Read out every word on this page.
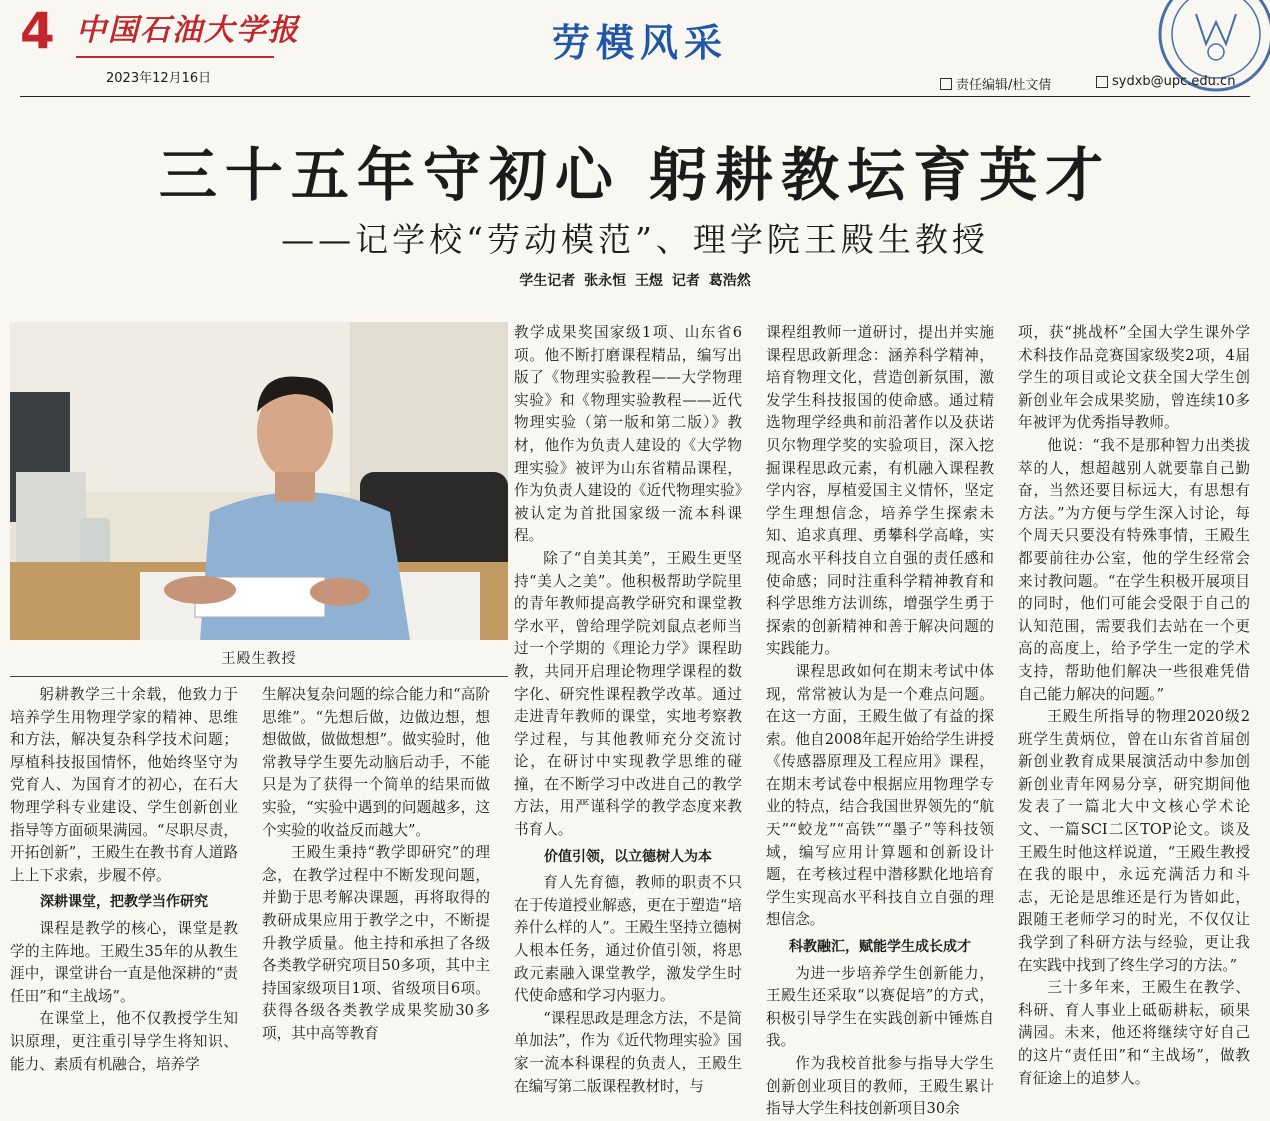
4 中国石油大学报
2023年12月16日
劳模风采
责任编辑/杜文倩	sydxb@upc.edu.cn
三十五年守初心 躬耕教坛育英才
——记学校“劳动模范”、理学院王殿生教授
学生记者 张永恒 王煜 记者 葛浩然
王殿生教授

躬耕教学三十余载，他致力于培养学生用物理学家的精神、思维和方法，解决复杂科学技术问题；厚植科技报国情怀，他始终坚守为党育人、为国育才的初心，在石大物理学科专业建设、学生创新创业指导等方面硕果满园。“尽职尽责，开拓创新”，王殿生在教书育人道路上上下求索，步履不停。

深耕课堂，把教学当作研究

课程是教学的核心，课堂是教学的主阵地。王殿生35年的从教生涯中，课堂讲台一直是他深耕的“责任田”和“主战场”。

在课堂上，他不仅教授学生知识原理，更注重引导学生将知识、能力、素质有机融合，培养学

生解决复杂问题的综合能力和“高阶思维”。“先想后做，边做边想，想想做做，做做想想”。做实验时，他常教导学生要先动脑后动手，不能只是为了获得一个简单的结果而做实验，“实验中遇到的问题越多，这个实验的收益反而越大”。

王殿生秉持“教学即研究”的理念，在教学过程中不断发现问题，并勤于思考解决课题，再将取得的教研成果应用于教学之中，不断提升教学质量。他主持和承担了各级各类教学研究项目50多项，其中主持国家级项目1项、省级项目6项。获得各级各类教学成果奖励30多项，其中高等教育

教学成果奖国家级1项、山东省6项。他不断打磨课程精品，编写出版了《物理实验教程——大学物理实验》和《物理实验教程——近代物理实验（第一版和第二版）》教材，他作为负责人建设的《大学物理实验》被评为山东省精品课程，作为负责人建设的《近代物理实验》被认定为首批国家级一流本科课程。

除了“自美其美”，王殿生更坚持“美人之美”。他积极帮助学院里的青年教师提高教学研究和课堂教学水平，曾给理学院刘鼠点老师当过一个学期的《理论力学》课程助教，共同开启理论物理学课程的数字化、研究性课程教学改革。通过走进青年教师的课堂，实地考察教学过程，与其他教师充分交流讨论，在研讨中实现教学思维的碰撞，在不断学习中改进自己的教学方法，用严谨科学的教学态度来教书育人。

价值引领，以立德树人为本

育人先育德，教师的职责不只在于传道授业解惑，更在于塑造“培养什么样的人”。王殿生坚持立德树人根本任务，通过价值引领，将思政元素融入课堂教学，激发学生时代使命感和学习内驱力。

“课程思政是理念方法，不是简单加法”，作为《近代物理实验》国家一流本科课程的负责人，王殿生在编写第二版课程教材时，与

课程组教师一道研讨，提出并实施课程思政新理念：涵养科学精神，培育物理文化，营造创新氛围，激发学生科技报国的使命感。通过精选物理学经典和前沿著作以及获诺贝尔物理学奖的实验项目，深入挖掘课程思政元素，有机融入课程教学内容，厚植爱国主义情怀，坚定学生理想信念，培养学生探索未知、追求真理、勇攀科学高峰，实现高水平科技自立自强的责任感和使命感；同时注重科学精神教育和科学思维方法训练，增强学生勇于探索的创新精神和善于解决问题的实践能力。

课程思政如何在期末考试中体现，常常被认为是一个难点问题。在这一方面，王殿生做了有益的探索。他自2008年起开始给学生讲授《传感器原理及工程应用》课程，在期末考试卷中根据应用物理学专业的特点，结合我国世界领先的“航天”“蛟龙”“高铁”“墨子”等科技领域，编写应用计算题和创新设计题，在考核过程中潜移默化地培育学生实现高水平科技自立自强的理想信念。

科教融汇，赋能学生成长成才

为进一步培养学生创新能力，王殿生还采取“以赛促培”的方式，积极引导学生在实践创新中锤炼自我。

作为我校首批参与指导大学生创新创业项目的教师，王殿生累计指导大学生科技创新项目30余

项，获“挑战杯”全国大学生课外学术科技作品竞赛国家级奖2项，4届学生的项目或论文获全国大学生创新创业年会成果奖励，曾连续10多年被评为优秀指导教师。

他说：“我不是那种智力出类拔萃的人，想超越别人就要靠自己勤奋，当然还要目标远大，有思想有方法。”为方便与学生深入讨论，每个周天只要没有特殊事情，王殿生都要前往办公室，他的学生经常会来讨教问题。“在学生积极开展项目的同时，他们可能会受限于自己的认知范围，需要我们去站在一个更高的高度上，给予学生一定的学术支持，帮助他们解决一些很难凭借自己能力解决的问题。”

王殿生所指导的物理2020级2班学生黄炳位，曾在山东省首届创新创业教育成果展演活动中参加创新创业青年网易分享，研究期间他发表了一篇北大中文核心学术论文、一篇SCI二区TOP论文。谈及王殿生时他这样说道，“王殿生教授在我的眼中，永远充满活力和斗志，无论是思维还是行为皆如此，跟随王老师学习的时光，不仅仅让我学到了科研方法与经验，更让我在实践中找到了终生学习的方法。”

三十多年来，王殿生在教学、科研、育人事业上砥砺耕耘，硕果满园。未来，他还将继续守好自己的这片“责任田”和“主战场”，做教育征途上的追梦人。
